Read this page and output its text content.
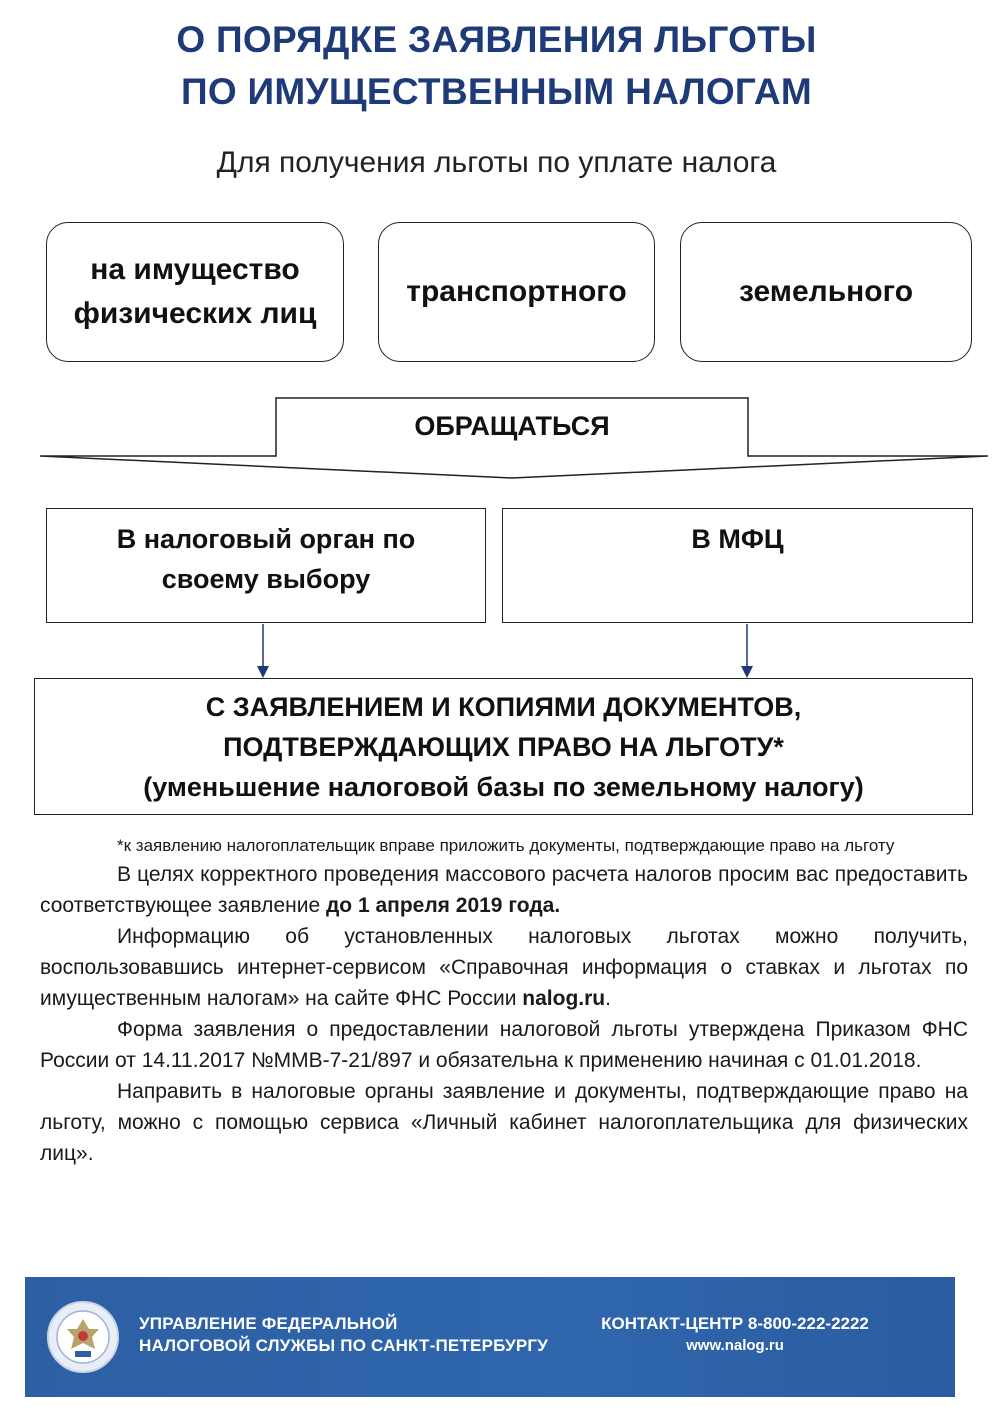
О ПОРЯДКЕ ЗАЯВЛЕНИЯ ЛЬГОТЫ
ПО ИМУЩЕСТВЕННЫМ НАЛОГАМ
Для получения льготы по уплате налога
на имущество
физических лиц
транспортного	земельного
ОБРАЩАТЬСЯ
В налоговый орган по
своему выбору
В МФЦ
С ЗАЯВЛЕНИЕМ И КОПИЯМИ ДОКУМЕНТОВ,
ПОДТВЕРЖДАЮЩИХ ПРАВО НА ЛЬГОТУ*
(уменьшение налоговой базы по земельному налогу)

*к заявлению налогоплательщик вправе приложить документы, подтверждающие право на льготу

В целях корректного проведения массового расчета налогов просим вас предоставить соответствующее заявление до 1 апреля 2019 года.

Информацию об установленных налоговых льготах можно получить, воспользовавшись интернет-сервисом «Справочная информация о ставках и льготах по имущественным налогам» на сайте ФНС России nalog.ru.

Форма заявления о предоставлении налоговой льготы утверждена Приказом ФНС России от 14.11.2017 №ММВ-7-21/897 и обязательна к применению начиная с 01.01.2018.

Направить в налоговые органы заявление и документы, подтверждающие право на льготу, можно с помощью сервиса «Личный кабинет налогоплательщика для физических лиц».

УПРАВЛЕНИЕ ФЕДЕРАЛЬНОЙ
НАЛОГОВОЙ СЛУЖБЫ ПО САНКТ-ПЕТЕРБУРГУ
КОНТАКТ-ЦЕНТР 8-800-222-2222
www.nalog.ru
